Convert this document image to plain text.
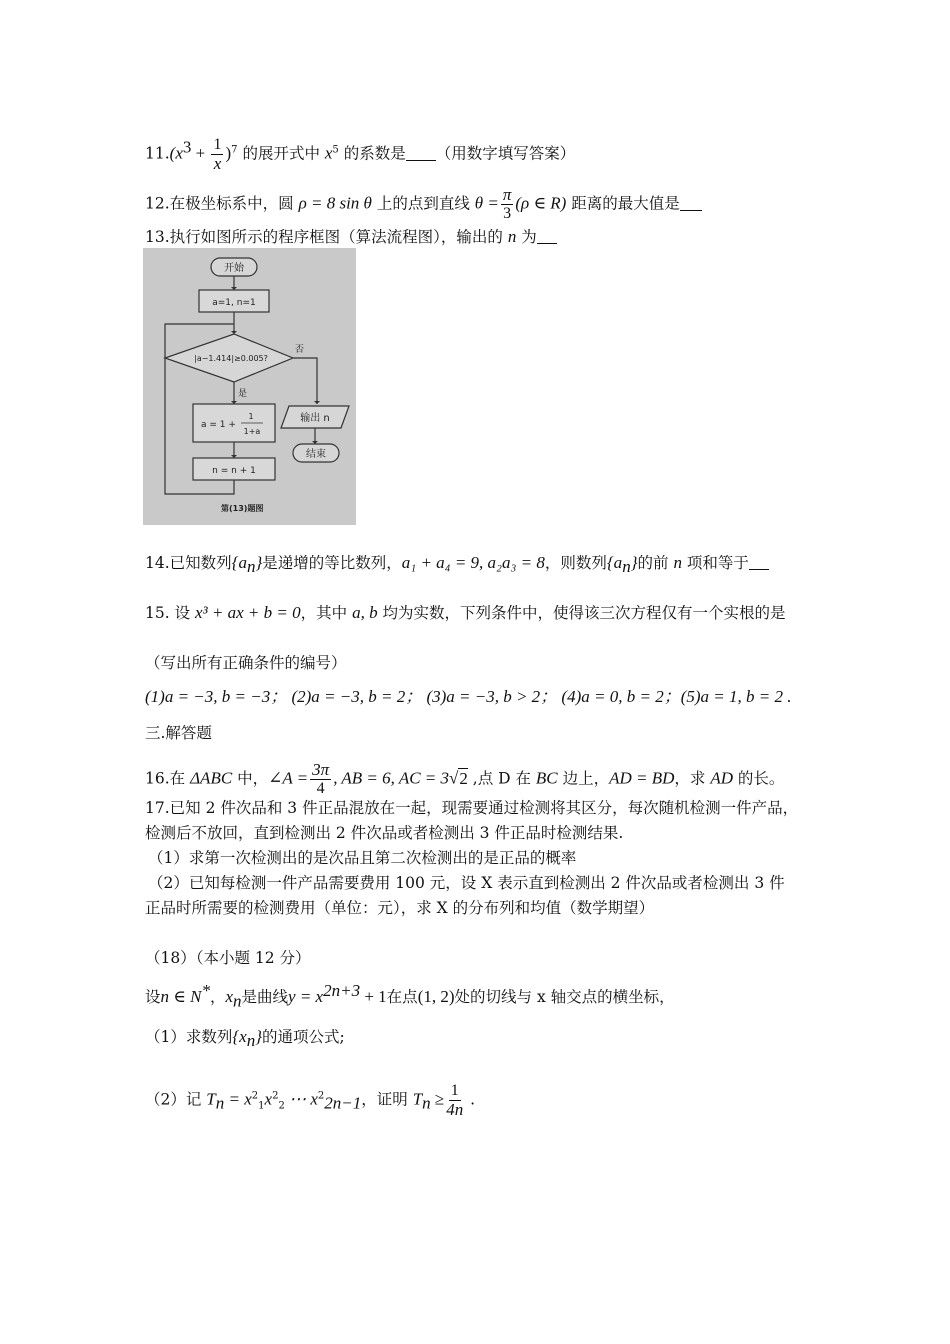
$11.(x^3 + \frac{1}{x} )^7$ 的展开式中 $x^5$ 的系数是 （用数字填写答案）
12.在极坐标系中，圆 ρ = 8 sin θ 上的点到直线 $\theta = \frac{\pi}{3} (\rho$ ∈ R) 距离的最大值是
13.执行如图所示的程序框图（算法流程图），输出的 n 为
开始
a=1, n=1
|a−1.414|≥0.005?
是
否
a = 1 +
1
1+a
n = n + 1
输出 n
结束
第(13)题图
14.已知数列$\{a_n\}$是递增的等比数列，a₁ + a₄ = 9, a₂a₃ = 8，则数列$\{a_n\}$的前 n 项和等于
15. 设 x³ + ax + b = 0，其中 a, b 均为实数，下列条件中，使得该三次方程仅有一个实根的是
（写出所有正确条件的编号）
(1)a = −3, b = −3； (2)a = −3, b = 2； (3)a = −3, b > 2； (4)a = 0, b = 2；(5)a = 1, b = 2 .
三.解答题
16.在 ΔABC 中，∠A = $\frac{3\pi}{4}$ , AB = 6, AC = 3√2 ,点 D 在 BC 边上，AD = BD，求 AD 的长。
17.已知 2 件次品和 3 件正品混放在一起，现需要通过检测将其区分，每次随机检测一件产品，
检测后不放回，直到检测出 2 件次品或者检测出 3 件正品时检测结果.
（1）求第一次检测出的是次品且第二次检测出的是正品的概率
（2）已知每检测一件产品需要费用 100 元，设 X 表示直到检测出 2 件次品或者检测出 3 件
正品时所需要的检测费用（单位：元），求 X 的分布列和均值（数学期望）
（18）（本小题 12 分）
设n ∈ N*，$x_n$是曲线$y = x^{2n+3} + 1$在点(1, 2)处的切线与 x 轴交点的横坐标，
（1）求数列$\{x_n\}$的通项公式;
（2）记 $T_n = x^2_1x^2_2$ ⋯ $x^2_{2n-1}$，证明 $T_n \ge \frac{1}{4n}$ .
